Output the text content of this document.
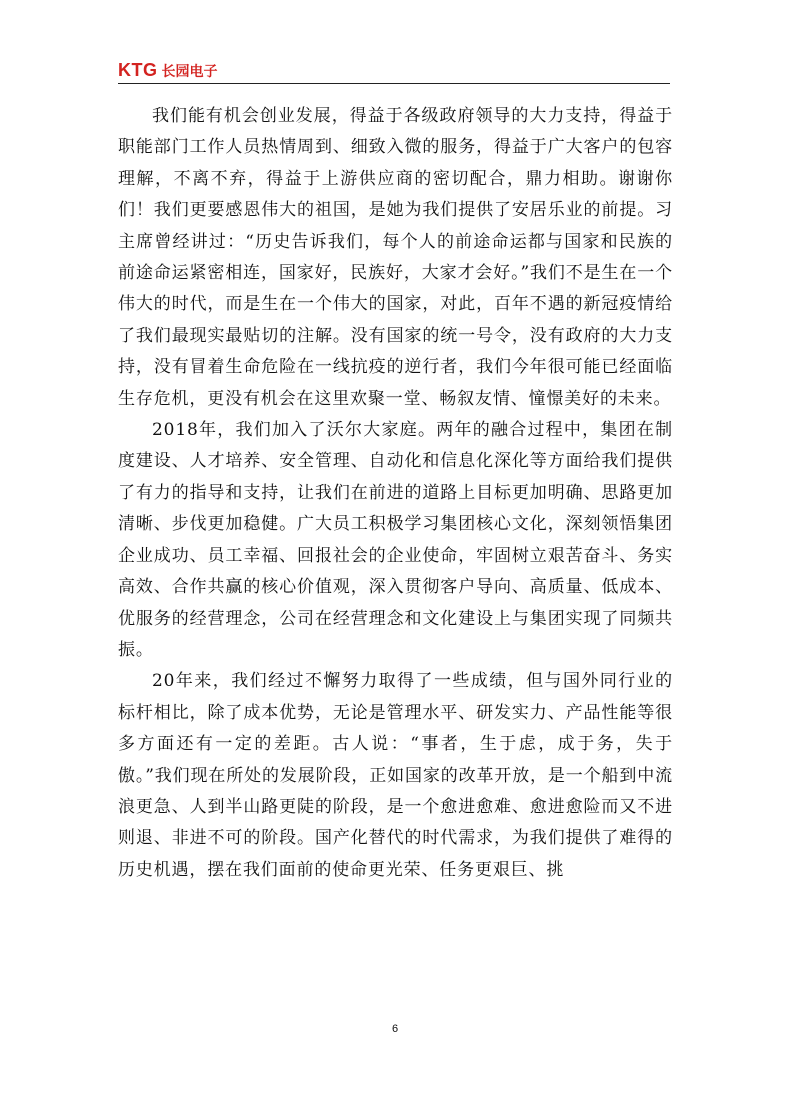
KTG 长园电子

我们能有机会创业发展，得益于各级政府领导的大力支持，得益于职能部门工作人员热情周到、细致入微的服务，得益于广大客户的包容理解，不离不弃，得益于上游供应商的密切配合，鼎力相助。谢谢你们！我们更要感恩伟大的祖国，是她为我们提供了安居乐业的前提。习主席曾经讲过：“历史告诉我们，每个人的前途命运都与国家和民族的前途命运紧密相连，国家好，民族好，大家才会好。”我们不是生在一个伟大的时代，而是生在一个伟大的国家，对此，百年不遇的新冠疫情给了我们最现实最贴切的注解。没有国家的统一号令，没有政府的大力支持，没有冒着生命危险在一线抗疫的逆行者，我们今年很可能已经面临生存危机，更没有机会在这里欢聚一堂、畅叙友情、憧憬美好的未来。

2018年，我们加入了沃尔大家庭。两年的融合过程中，集团在制度建设、人才培养、安全管理、自动化和信息化深化等方面给我们提供了有力的指导和支持，让我们在前进的道路上目标更加明确、思路更加清晰、步伐更加稳健。广大员工积极学习集团核心文化，深刻领悟集团企业成功、员工幸福、回报社会的企业使命，牢固树立艰苦奋斗、务实高效、合作共赢的核心价值观，深入贯彻客户导向、高质量、低成本、优服务的经营理念，公司在经营理念和文化建设上与集团实现了同频共振。

20年来，我们经过不懈努力取得了一些成绩，但与国外同行业的标杆相比，除了成本优势，无论是管理水平、研发实力、产品性能等很多方面还有一定的差距。古人说：“事者，生于虑，成于务，失于傲。”我们现在所处的发展阶段，正如国家的改革开放，是一个船到中流浪更急、人到半山路更陡的阶段，是一个愈进愈难、愈进愈险而又不进则退、非进不可的阶段。国产化替代的时代需求，为我们提供了难得的历史机遇，摆在我们面前的使命更光荣、任务更艰巨、挑

6
